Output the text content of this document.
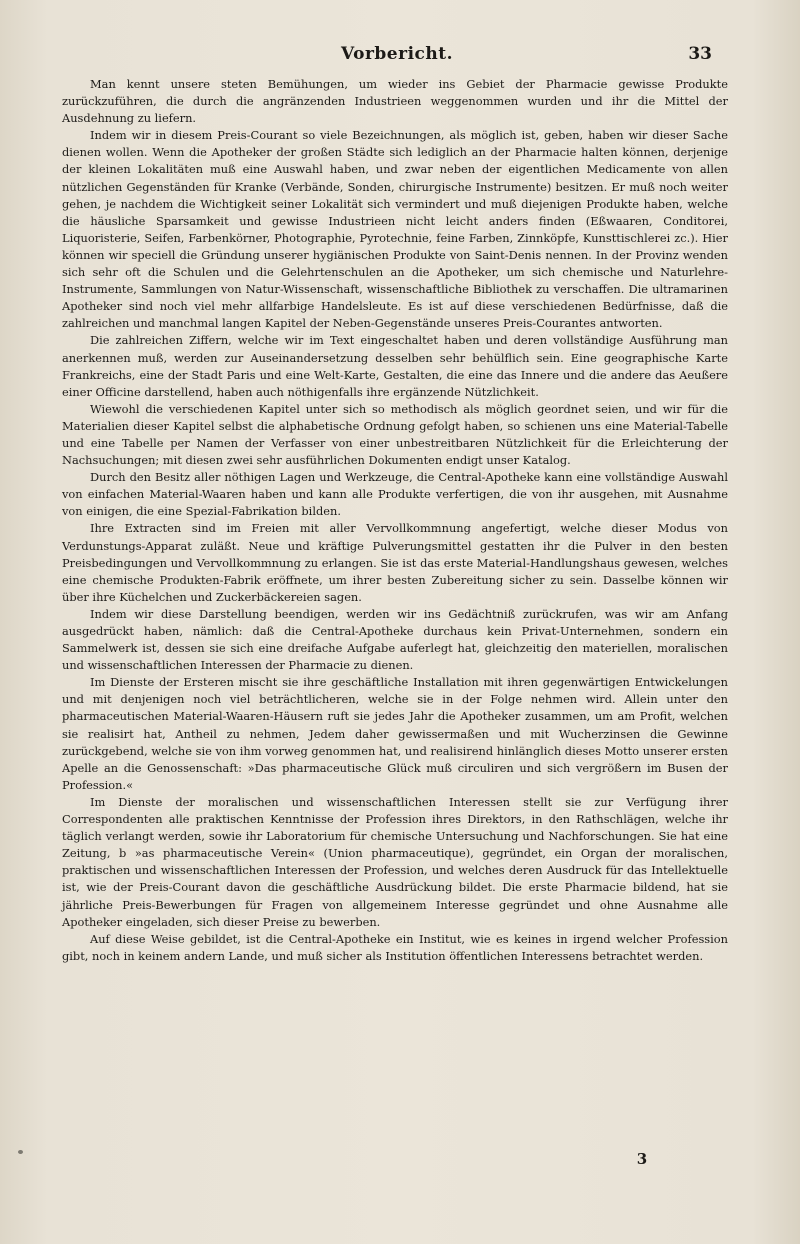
Vorbericht.	33

Man kennt unsere steten Bemühungen, um wieder ins Gebiet der Pharmacie gewisse Produkte zurückzuführen, die durch die angränzenden Industrieen weggenommen wurden und ihr die Mittel der Ausdehnung zu liefern.

Indem wir in diesem Preis-Courant so viele Bezeichnungen, als möglich ist, geben, haben wir dieser Sache dienen wollen. Wenn die Apotheker der großen Städte sich lediglich an der Pharmacie halten können, derjenige der kleinen Lokalitäten muß eine Auswahl haben, und zwar neben der eigentlichen Medicamente von allen nützlichen Gegenständen für Kranke (Verbände, Sonden, chirurgische Instrumente) besitzen. Er muß noch weiter gehen, je nachdem die Wichtigkeit seiner Lokalität sich vermindert und muß diejenigen Produkte haben, welche die häusliche Sparsamkeit und gewisse Industrieen nicht leicht anders finden (Eßwaaren, Conditorei, Liquoristerie, Seifen, Farbenkörner, Photographie, Pyrotechnie, feine Farben, Zinnköpfe, Kunsttischlerei zc.). Hier können wir speciell die Gründung unserer hygiänischen Produkte von Saint-Denis nennen. In der Provinz wenden sich sehr oft die Schulen und die Gelehrtenschulen an die Apotheker, um sich chemische und Naturlehre-Instrumente, Sammlungen von Natur-Wissenschaft, wissenschaftliche Bibliothek zu verschaffen. Die ultramarinen Apotheker sind noch viel mehr allfarbige Handelsleute. Es ist auf diese verschiedenen Bedürfnisse, daß die zahlreichen und manchmal langen Kapitel der Neben-Gegenstände unseres Preis-Courantes antworten.

Die zahlreichen Ziffern, welche wir im Text eingeschaltet haben und deren vollständige Ausführung man anerkennen muß, werden zur Auseinandersetzung desselben sehr behülflich sein. Eine geographische Karte Frankreichs, eine der Stadt Paris und eine Welt-Karte, Gestalten, die eine das Innere und die andere das Aeußere einer Officine darstellend, haben auch nöthigenfalls ihre ergänzende Nützlichkeit.

Wiewohl die verschiedenen Kapitel unter sich so methodisch als möglich geordnet seien, und wir für die Materialien dieser Kapitel selbst die alphabetische Ordnung gefolgt haben, so schienen uns eine Material-Tabelle und eine Tabelle per Namen der Verfasser von einer unbestreitbaren Nützlichkeit für die Erleichterung der Nachsuchungen; mit diesen zwei sehr ausführlichen Dokumenten endigt unser Katalog.

Durch den Besitz aller nöthigen Lagen und Werkzeuge, die Central-Apotheke kann eine vollständige Auswahl von einfachen Material-Waaren haben und kann alle Produkte verfertigen, die von ihr ausgehen, mit Ausnahme von einigen, die eine Spezial-Fabrikation bilden.

Ihre Extracten sind im Freien mit aller Vervollkommnung angefertigt, welche dieser Modus von Verdunstungs-Apparat zuläßt. Neue und kräftige Pulverungsmittel gestatten ihr die Pulver in den besten Preisbedingungen und Vervollkommnung zu erlangen. Sie ist das erste Material-Handlungshaus gewesen, welches eine chemische Produkten-Fabrik eröffnete, um ihrer besten Zubereitung sicher zu sein. Dasselbe können wir über ihre Küchelchen und Zuckerbäckereien sagen.

Indem wir diese Darstellung beendigen, werden wir ins Gedächtniß zurückrufen, was wir am Anfang ausgedrückt haben, nämlich: daß die Central-Apotheke durchaus kein Privat-Unternehmen, sondern ein Sammelwerk ist, dessen sie sich eine dreifache Aufgabe auferlegt hat, gleichzeitig den materiellen, moralischen und wissenschaftlichen Interessen der Pharmacie zu dienen.

Im Dienste der Ersteren mischt sie ihre geschäftliche Installation mit ihren gegenwärtigen Entwickelungen und mit denjenigen noch viel beträchtlicheren, welche sie in der Folge nehmen wird. Allein unter den pharmaceutischen Material-Waaren-Häusern ruft sie jedes Jahr die Apotheker zusammen, um am Profit, welchen sie realisirt hat, Antheil zu nehmen, Jedem daher gewissermaßen und mit Wucherzinsen die Gewinne zurückgebend, welche sie von ihm vorweg genommen hat, und realisirend hinlänglich dieses Motto unserer ersten Apelle an die Genossenschaft: »Das pharmaceutische Glück muß circuliren und sich vergrößern im Busen der Profession.«

Im Dienste der moralischen und wissenschaftlichen Interessen stellt sie zur Verfügung ihrer Correspondenten alle praktischen Kenntnisse der Profession ihres Direktors, in den Rathschlägen, welche ihr täglich verlangt werden, sowie ihr Laboratorium für chemische Untersuchung und Nachforschungen. Sie hat eine Zeitung, b »as pharmaceutische Verein« (Union pharmaceutique), gegründet, ein Organ der moralischen, praktischen und wissenschaftlichen Interessen der Profession, und welches deren Ausdruck für das Intellektuelle ist, wie der Preis-Courant davon die geschäftliche Ausdrückung bildet. Die erste Pharmacie bildend, hat sie jährliche Preis-Bewerbungen für Fragen von allgemeinem Interesse gegründet und ohne Ausnahme alle Apotheker eingeladen, sich dieser Preise zu bewerben.

Auf diese Weise gebildet, ist die Central-Apotheke ein Institut, wie es keines in irgend welcher Profession gibt, noch in keinem andern Lande, und muß sicher als Institution öffentlichen Interessens betrachtet werden.

3
